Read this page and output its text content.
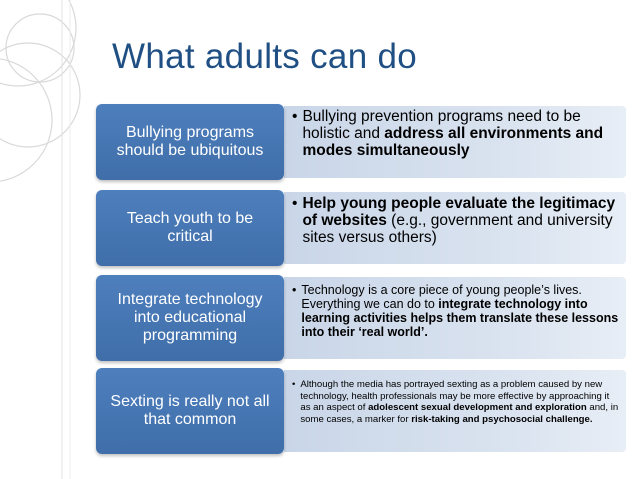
What adults can do
Bullying programs should be ubiquitous
• Bullying prevention programs need to be holistic and address all environments and modes simultaneously
Teach youth to be critical
• Help young people evaluate the legitimacy of websites (e.g., government and university sites versus others)
Integrate technology into educational programming
• Technology is a core piece of young people’s lives. Everything we can do to integrate technology into learning activities helps them translate these lessons into their ‘real world’.
Sexting is really not all that common
• Although the media has portrayed sexting as a problem caused by new technology, health professionals may be more effective by approaching it as an aspect of adolescent sexual development and exploration and, in some cases, a marker for risk-taking and psychosocial challenge.
